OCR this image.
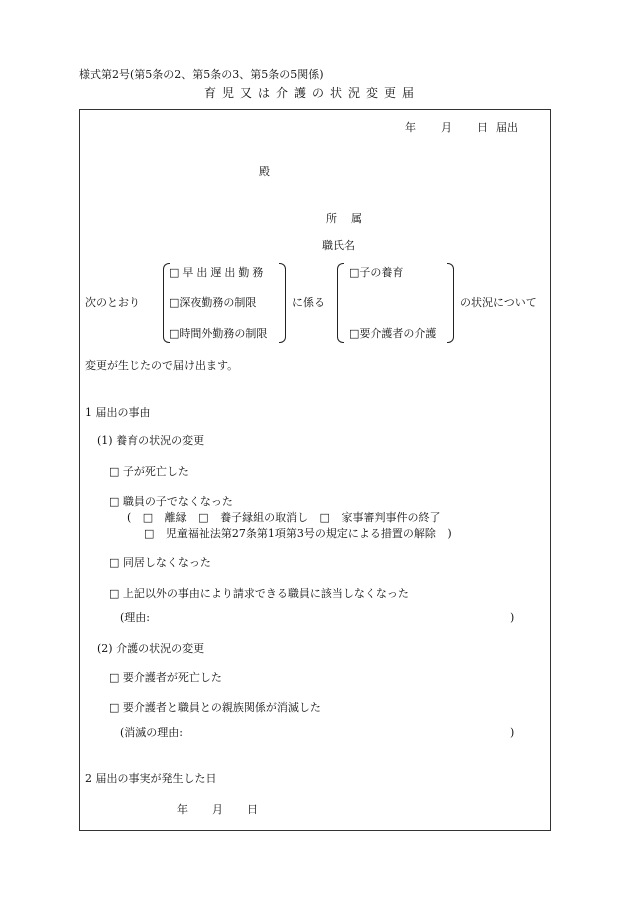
様式第2号(第5条の2、第5条の3、第5条の5関係)
育児又は介護の状況変更届
年 月 日 届出
殿
所属
職氏名
次のとおり
□早出遅出勤務
□深夜勤務の制限
□時間外勤務の制限
に係る
□子の養育
□要介護者の介護
の状況について
変更が生じたので届け出ます。
1 届出の事由
(1) 養育の状況の変更
□ 子が死亡した
□ 職員の子でなくなった
( □ 離縁 □ 養子縁組の取消し □ 家事審判事件の終了
□ 児童福祉法第27条第1項第3号の規定による措置の解除 )
□ 同居しなくなった
□ 上記以外の事由により請求できる職員に該当しなくなった
(理由:	)
(2) 介護の状況の変更
□ 要介護者が死亡した
□ 要介護者と職員との親族関係が消滅した
(消滅の理由:	)
2 届出の事実が発生した日
年 月 日
